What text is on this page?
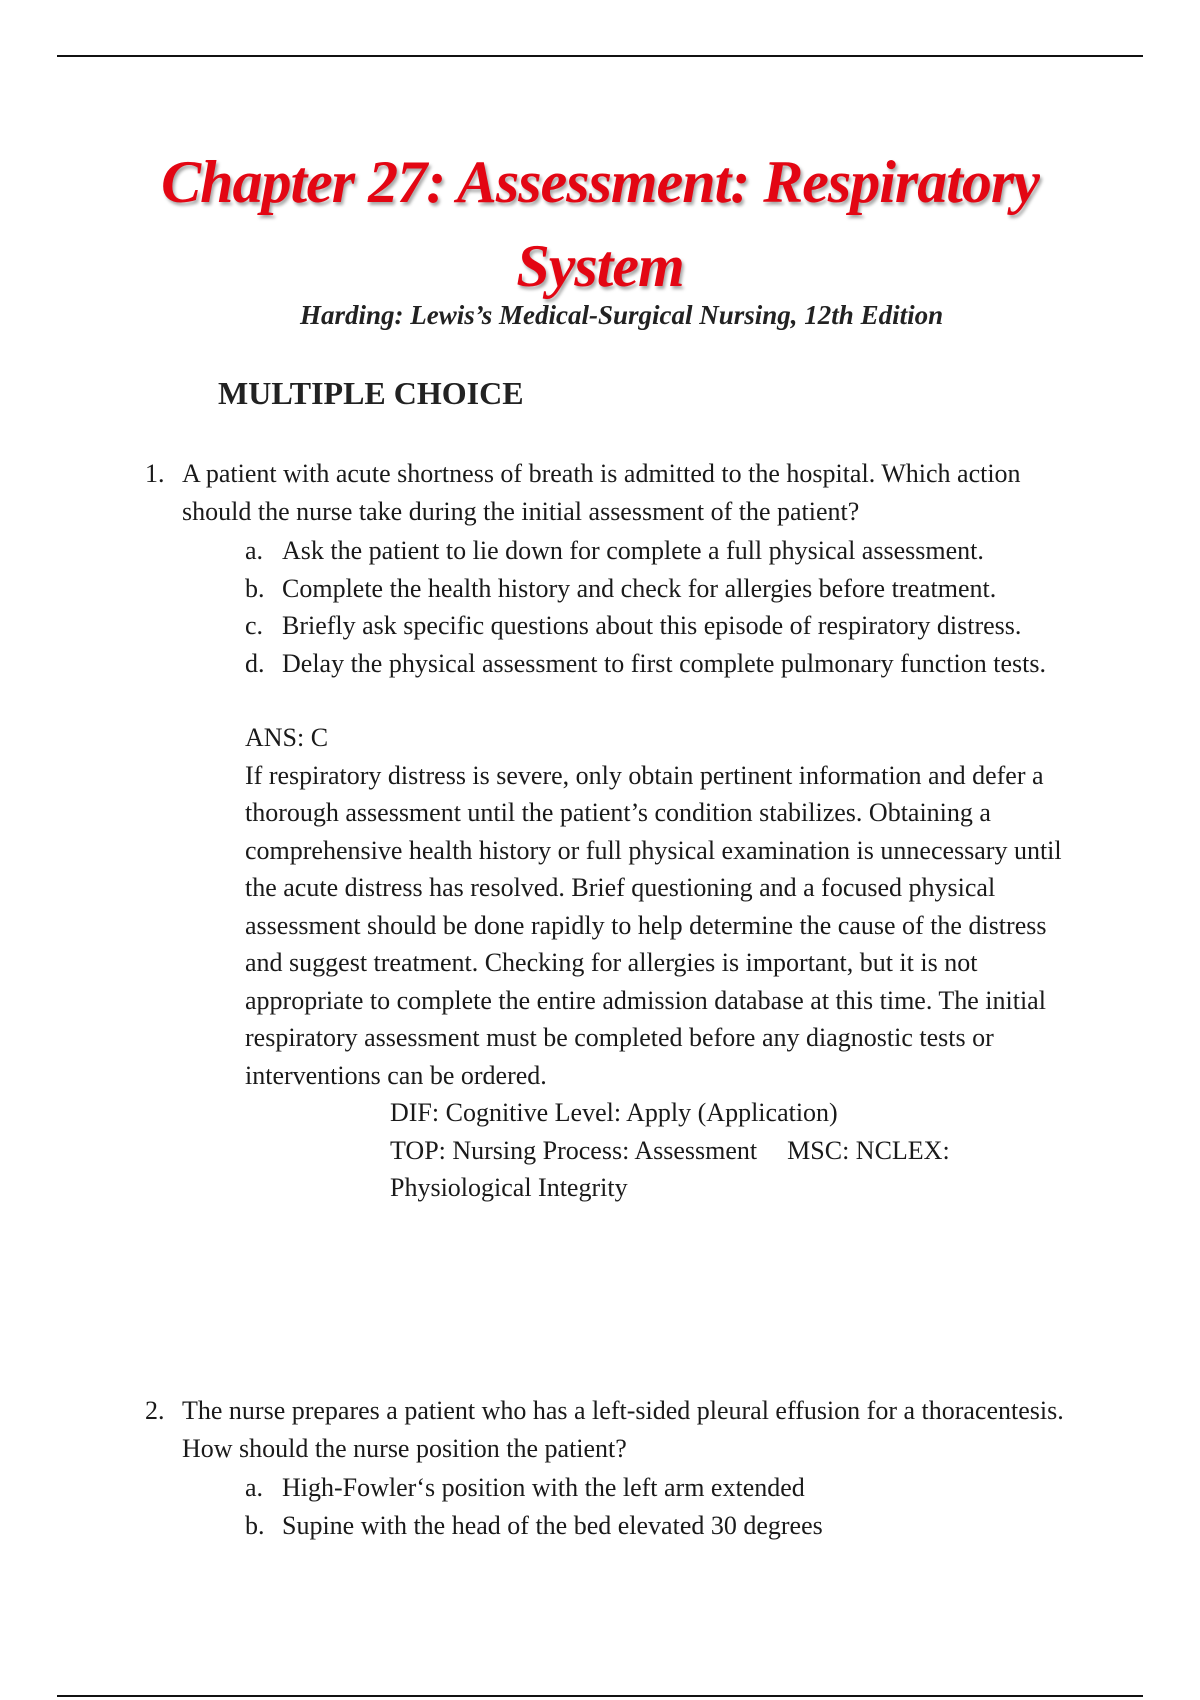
Chapter 27: Assessment: Respiratory System
Harding: Lewis’s Medical-Surgical Nursing, 12th Edition
MULTIPLE CHOICE
1. A patient with acute shortness of breath is admitted to the hospital. Which action should the nurse take during the initial assessment of the patient?
a. Ask the patient to lie down for complete a full physical assessment.
b. Complete the health history and check for allergies before treatment.
c. Briefly ask specific questions about this episode of respiratory distress.
d. Delay the physical assessment to first complete pulmonary function tests.
ANS: C
If respiratory distress is severe, only obtain pertinent information and defer a thorough assessment until the patient’s condition stabilizes. Obtaining a comprehensive health history or full physical examination is unnecessary until the acute distress has resolved. Brief questioning and a focused physical assessment should be done rapidly to help determine the cause of the distress and suggest treatment. Checking for allergies is important, but it is not appropriate to complete the entire admission database at this time. The initial respiratory assessment must be completed before any diagnostic tests or interventions can be ordered.
DIF: Cognitive Level: Apply (Application)
TOP: Nursing Process: Assessment MSC: NCLEX: Physiological Integrity
2. The nurse prepares a patient who has a left-sided pleural effusion for a thoracentesis. How should the nurse position the patient?
a. High-Fowler‘s position with the left arm extended
b. Supine with the head of the bed elevated 30 degrees
